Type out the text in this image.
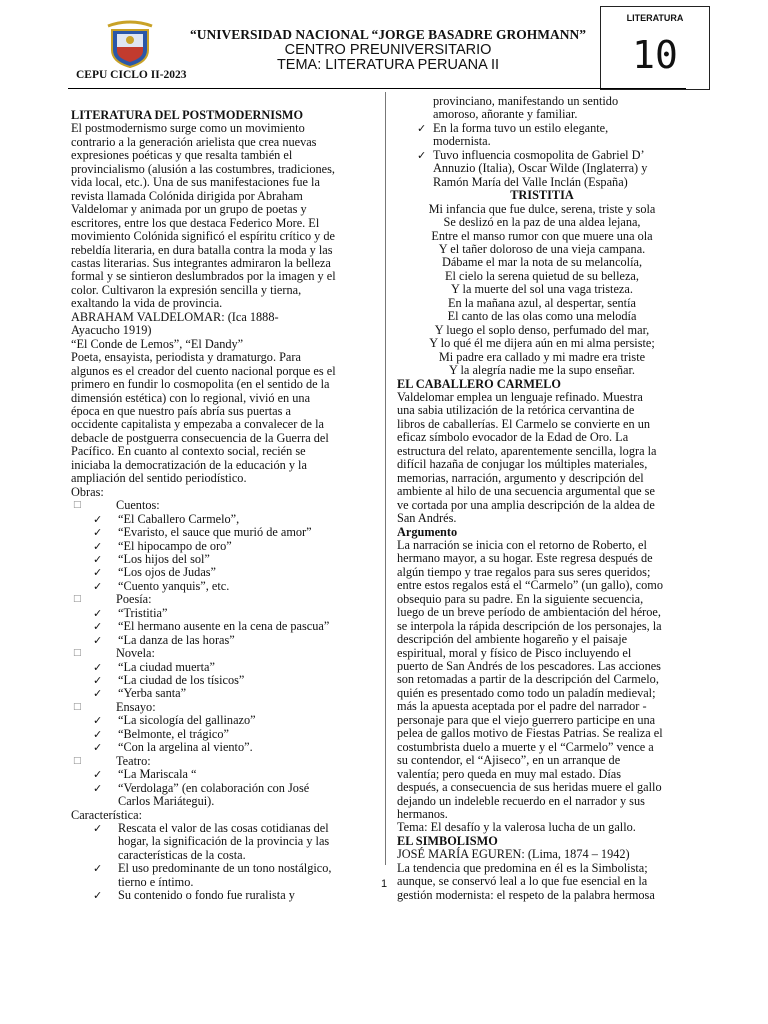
“UNIVERSIDAD NACIONAL “JORGE BASADRE GROHMANN”
CENTRO PREUNIVERSITARIO
TEMA: LITERATURA PERUANA II
CEPU CICLO II-2023
LITERATURA
10
LITERATURA DEL POSTMODERNISMO
El postmodernismo surge como un movimiento
contrario a la generación arielista que crea nuevas
expresiones poéticas y que resalta también el
provincialismo (alusión a las costumbres, tradiciones,
vida local, etc.). Una de sus manifestaciones fue la
revista llamada Colónida dirigida por Abraham
Valdelomar y animada por un grupo de poetas y
escritores, entre los que destaca Federico More. El
movimiento Colónida significó el espíritu crítico y de
rebeldía literaria, en dura batalla contra la moda y las
castas literarias. Sus integrantes admiraron la belleza
formal y se sintieron deslumbrados por la imagen y el
color. Cultivaron la expresión sencilla y tierna,
exaltando la vida de provincia.
ABRAHAM VALDELOMAR: (Ica 1888-
Ayacucho 1919)
“El Conde de Lemos”, “El Dandy”
Poeta, ensayista, periodista y dramaturgo. Para
algunos es el creador del cuento nacional porque es el
primero en fundir lo cosmopolita (en el sentido de la
dimensión estética) con lo regional, vivió en una
época en que nuestro país abría sus puertas a
occidente capitalista y empezaba a convalecer de la
debacle de postguerra consecuencia de la Guerra del
Pacífico. En cuanto al contexto social, recién se
iniciaba la democratización de la educación y la
ampliación del sentido periodístico.
Obras:
□ Cuentos:
✓ “El Caballero Carmelo”,
✓ “Evaristo, el sauce que murió de amor”
✓ “El hipocampo de oro”
✓ “Los hijos del sol”
✓ “Los ojos de Judas”
✓ “Cuento yanquis”, etc.
□ Poesía:
✓ “Tristitia”
✓ “El hermano ausente en la cena de pascua”
✓ “La danza de las horas”
□ Novela:
✓ “La ciudad muerta”
✓ “La ciudad de los tísicos”
✓ “Yerba santa”
□ Ensayo:
✓ “La sicología del gallinazo”
✓ “Belmonte, el trágico”
✓ “Con la argelina al viento”.
□ Teatro:
✓ “La Mariscala “
✓ “Verdolaga” (en colaboración con José
Carlos Mariátegui).
Característica:
✓ Rescata el valor de las cosas cotidianas del
hogar, la significación de la provincia y las
características de la costa.
✓ El uso predominante de un tono nostálgico,
tierno e íntimo.
✓ Su contenido o fondo fue ruralista y
provinciano, manifestando un sentido
amoroso, añorante y familiar.
✓ En la forma tuvo un estilo elegante,
modernista.
✓ Tuvo influencia cosmopolita de Gabriel D’
Annuzio (Italia), Oscar Wilde (Inglaterra) y
Ramón María del Valle Inclán (España)
TRISTITIA
Mi infancia que fue dulce, serena, triste y sola
Se deslizó en la paz de una aldea lejana,
Entre el manso rumor con que muere una ola
Y el tañer doloroso de una vieja campana.
Dábame el mar la nota de su melancolía,
El cielo la serena quietud de su belleza,
Y la muerte del sol una vaga tristeza.
En la mañana azul, al despertar, sentía
El canto de las olas como una melodía
Y luego el soplo denso, perfumado del mar,
Y lo qué él me dijera aún en mi alma persiste;
Mi padre era callado y mi madre era triste
Y la alegría nadie me la supo enseñar.
EL CABALLERO CARMELO
Valdelomar emplea un lenguaje refinado. Muestra
una sabia utilización de la retórica cervantina de
libros de caballerías. El Carmelo se convierte en un
eficaz símbolo evocador de la Edad de Oro. La
estructura del relato, aparentemente sencilla, logra la
difícil hazaña de conjugar los múltiples materiales,
memorias, narración, argumento y descripción del
ambiente al hilo de una secuencia argumental que se
ve cortada por una amplia descripción de la aldea de
San Andrés.
Argumento
La narración se inicia con el retorno de Roberto, el
hermano mayor, a su hogar. Este regresa después de
algún tiempo y trae regalos para sus seres queridos;
entre estos regalos está el “Carmelo” (un gallo), como
obsequio para su padre. En la siguiente secuencia,
luego de un breve período de ambientación del héroe,
se interpola la rápida descripción de los personajes, la
descripción del ambiente hogareño y el paisaje
espiritual, moral y físico de Pisco incluyendo el
puerto de San Andrés de los pescadores. Las acciones
son retomadas a partir de la descripción del Carmelo,
quién es presentado como todo un paladín medieval;
más la apuesta aceptada por el padre del narrador -
personaje para que el viejo guerrero participe en una
pelea de gallos motivo de Fiestas Patrias. Se realiza el
costumbrista duelo a muerte y el “Carmelo” vence a
su contendor, el “Ajiseco”, en un arranque de
valentía; pero queda en muy mal estado. Días
después, a consecuencia de sus heridas muere el gallo
dejando un indeleble recuerdo en el narrador y sus
hermanos.
Tema: El desafío y la valerosa lucha de un gallo.
EL SIMBOLISMO
JOSÉ MARÍA EGUREN: (Lima, 1874 – 1942)
La tendencia que predomina en él es la Simbolista;
aunque, se conservó leal a lo que fue esencial en la
gestión modernista: el respeto de la palabra hermosa
1
